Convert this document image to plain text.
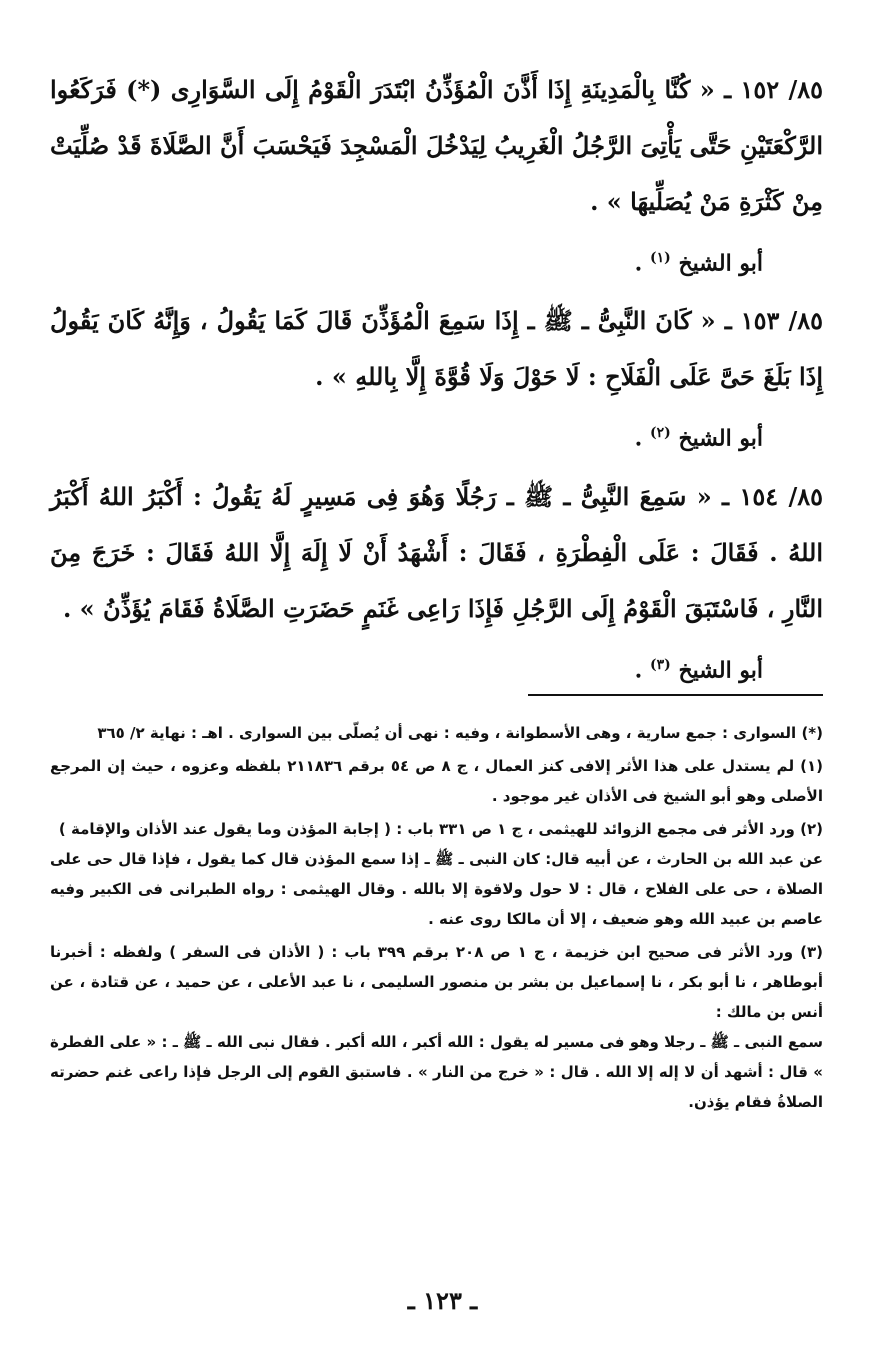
٨٥/ ١٥٢ ـ « كُنَّا بِالْمَدِينَةِ إِذَا أَذَّنَ الْمُؤَذِّنُ ابْتَدَرَ الْقَوْمُ إِلَى السَّوَارِى (*) فَرَكَعُوا الرَّكْعَتَيْنِ حَتَّى يَأْتِىَ الرَّجُلُ الْغَرِيبُ لِيَدْخُلَ الْمَسْجِدَ فَيَحْسَبَ أَنَّ الصَّلَاةَ قَدْ صُلِّيَتْ مِنْ كَثْرَةِ مَنْ يُصَلِّيهَا » .

أبو الشيخ $^{(١)}$ .

٨٥/ ١٥٣ ـ « كَانَ النَّبِىُّ ـ ﷺ ـ إِذَا سَمِعَ الْمُؤَذِّنَ قَالَ كَمَا يَقُولُ ، وَإِنَّهُ كَانَ يَقُولُ إِذَا بَلَغَ حَىَّ عَلَى الْفَلَاحِ : لَا حَوْلَ وَلَا قُوَّةَ إِلَّا بِاللهِ » .

أبو الشيخ $^{(٢)}$ .

٨٥/ ١٥٤ ـ « سَمِعَ النَّبِىُّ ـ ﷺ ـ رَجُلًا وَهُوَ فِى مَسِيرٍ لَهُ يَقُولُ : أَكْبَرُ اللهُ أَكْبَرُ اللهُ . فَقَالَ : عَلَى الْفِطْرَةِ ، فَقَالَ : أَشْهَدُ أَنْ لَا إِلَهَ إِلَّا اللهُ فَقَالَ : خَرَجَ مِنَ النَّارِ ، فَاسْتَبَقَ الْقَوْمُ إِلَى الرَّجُلِ فَإِذَا رَاعِى غَنَمٍ حَضَرَتِ الصَّلَاةُ فَقَامَ يُؤَذِّنُ » .

أبو الشيخ $^{(٣)}$ .

(*) السوارى : جمع سارية ، وهى الأسطوانة ، وفيه : نهى أن يُصلّى بين السوارى . اهـ : نهاية ٢/ ٣٦٥

(١) لم يستدل على هذا الأثر إلافى كنز العمال ، ج ٨ ص ٥٤ برقم ٢١١٨٣٦ بلفظه وعزوه ، حيث إن المرجع الأصلى وهو أبو الشيخ فى الأذان غير موجود .

(٢) ورد الأثر فى مجمع الزوائد للهيثمى ، ج ١ ص ٣٣١ باب : ( إجابة المؤذن وما يقول عند الأذان والإقامة )
عن عبد الله بن الحارث ، عن أبيه قال: كان النبى ـ ﷺ ـ إذا سمع المؤذن قال كما يقول ، فإذا قال حى على الصلاة ، حى على الفلاح ، قال : لا حول ولاقوة إلا بالله . وقال الهيثمى : رواه الطبرانى فى الكبير وفيه عاصم بن عبيد الله وهو ضعيف ، إلا أن مالكا روى عنه .

(٣) ورد الأثر فى صحيح ابن خزيمة ، ج ١ ص ٢٠٨ برقم ٣٩٩ باب : ( الأذان فى السفر ) ولفظه : أخبرنا أبوطاهر ، نا أبو بكر ، نا إسماعيل بن بشر بن منصور السليمى ، نا عبد الأعلى ، عن حميد ، عن قتادة ، عن أنس بن مالك :
سمع النبى ـ ﷺ ـ رجلا وهو فى مسير له يقول : الله أكبر ، الله أكبر . فقال نبى الله ـ ﷺ ـ : « على الفطرة » قال : أشهد أن لا إله إلا الله . قال : « خرج من النار » . فاستبق القوم إلى الرجل فإذا راعى غنم حضرته الصلاةُ فقام يؤذن.

ـ ١٢٣ ـ
